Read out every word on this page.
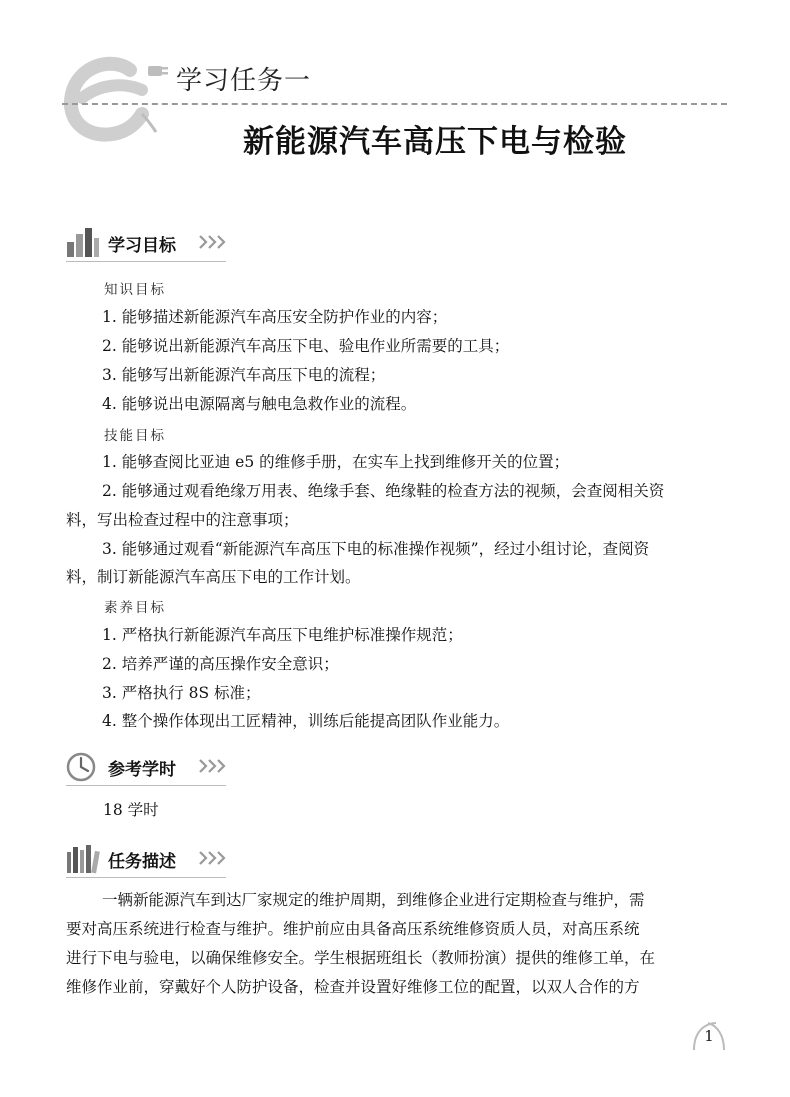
学习任务一
新能源汽车高压下电与检验
学习目标
知识目标
1. 能够描述新能源汽车高压安全防护作业的内容；
2. 能够说出新能源汽车高压下电、验电作业所需要的工具；
3. 能够写出新能源汽车高压下电的流程；
4. 能够说出电源隔离与触电急救作业的流程。
技能目标
1. 能够查阅比亚迪 e5 的维修手册，在实车上找到维修开关的位置；
2. 能够通过观看绝缘万用表、绝缘手套、绝缘鞋的检查方法的视频，会查阅相关资
料，写出检查过程中的注意事项；
3. 能够通过观看“新能源汽车高压下电的标准操作视频”，经过小组讨论，查阅资
料，制订新能源汽车高压下电的工作计划。
素养目标
1. 严格执行新能源汽车高压下电维护标准操作规范；
2. 培养严谨的高压操作安全意识；
3. 严格执行 8S 标准；
4. 整个操作体现出工匠精神，训练后能提高团队作业能力。
参考学时
18 学时
任务描述
一辆新能源汽车到达厂家规定的维护周期，到维修企业进行定期检查与维护，需
要对高压系统进行检查与维护。维护前应由具备高压系统维修资质人员，对高压系统
进行下电与验电，以确保维修安全。学生根据班组长（教师扮演）提供的维修工单，在
维修作业前，穿戴好个人防护设备，检查并设置好维修工位的配置，以双人合作的方
1
